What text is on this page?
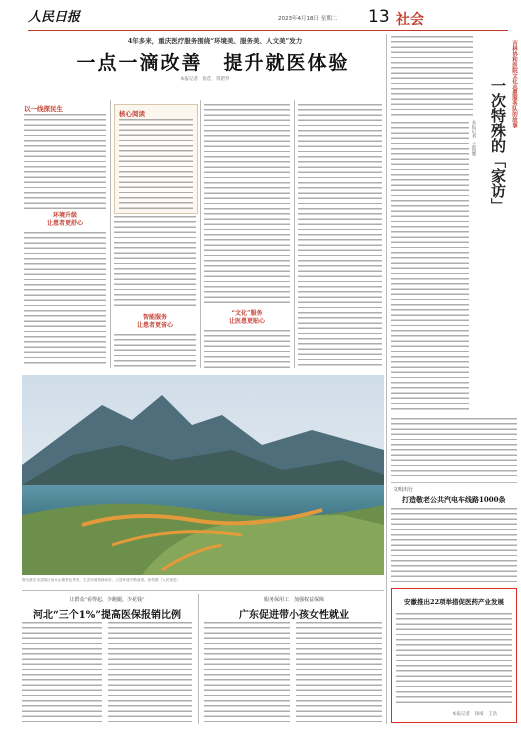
人民日报	2023年4月18日 星期二 13 社会
4年多来，重庆医疗服务围绕“环境美、服务美、人文美”发力
一点一滴改善　提升就医体验
本报记者　崔佳　常碧罗
以一线探民生
环境升级
让患者更舒心
核心阅读
智能服务
让患者更省心
“文化”服务
让医患更贴心
吉林协和医院文化志愿服务队的故事
一次特殊的「家访」
本报记者　孟海鹰
文明出行
打造敬老公共汽电车线路1000条
图为重庆市武隆区仙女山镇景色秀美，生态环境持续向好，人居环境不断改善。彭奕摄（人民视觉）
让群众“看得起、少跑腿、少花钱”
河北“三个1%”提高医保报销比例
服务保用工　加强权益保障
广东促进带小孩女性就业
安徽推出22项举措促医药产业发展
本报记者　徐靖　王浩
